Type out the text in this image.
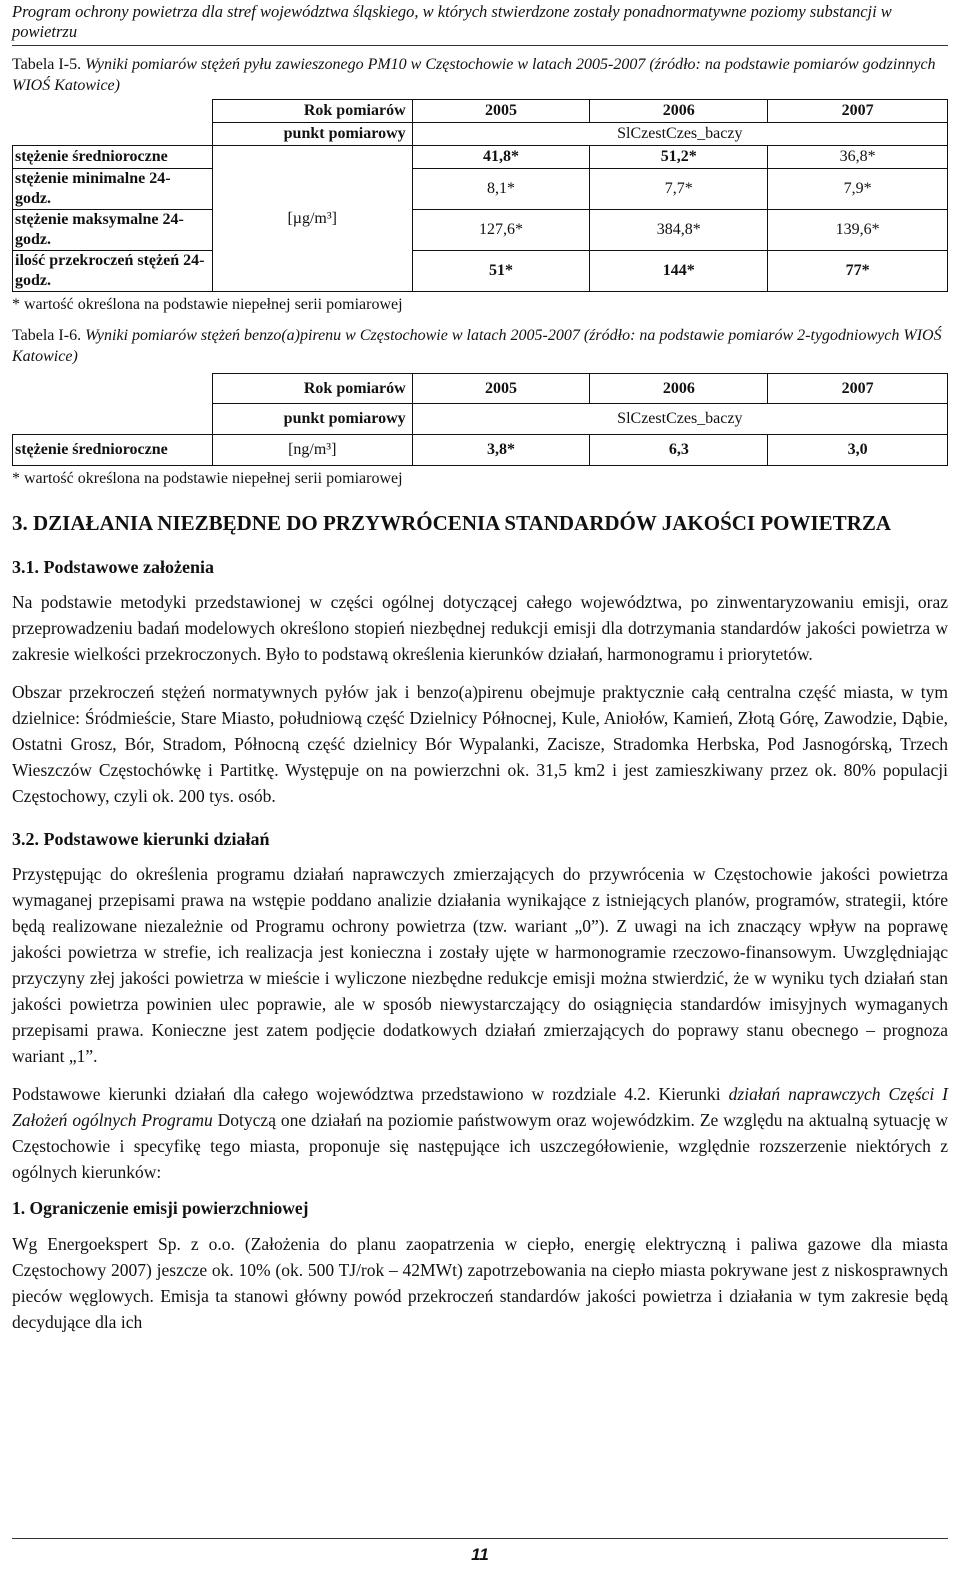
Program ochrony powietrza dla stref województwa śląskiego, w których stwierdzone zostały ponadnormatywne poziomy substancji w powietrzu
Tabela I-5. Wyniki pomiarów stężeń pyłu zawieszonego PM10 w Częstochowie w latach 2005-2007 (źródło: na podstawie pomiarów godzinnych WIOŚ Katowice)
	Rok pomiarów	2005	2006	2007
	punkt pomiarowy	SlCzestCzes_baczy		
stężenie średnioroczne	[µg/m³]	41,8*	51,2*	36,8*
stężenie minimalne 24-godz.		8,1*	7,7*	7,9*
stężenie maksymalne 24-godz.		127,6*	384,8*	139,6*
ilość przekroczeń stężeń 24-godz.		51*	144*	77*
* wartość określona na podstawie niepełnej serii pomiarowej
Tabela I-6. Wyniki pomiarów stężeń benzo(a)pirenu w Częstochowie w latach 2005-2007 (źródło: na podstawie pomiarów 2-tygodniowych WIOŚ Katowice)
	Rok pomiarów	2005	2006	2007
	punkt pomiarowy	SlCzestCzes_baczy		
stężenie średnioroczne	[ng/m³]	3,8*	6,3	3,0
* wartość określona na podstawie niepełnej serii pomiarowej
3. DZIAŁANIA NIEZBĘDNE DO PRZYWRÓCENIA STANDARDÓW JAKOŚCI POWIETRZA
3.1. Podstawowe założenia

Na podstawie metodyki przedstawionej w części ogólnej dotyczącej całego województwa, po zinwentaryzowaniu emisji, oraz przeprowadzeniu badań modelowych określono stopień niezbędnej redukcji emisji dla dotrzymania standardów jakości powietrza w zakresie wielkości przekroczonych. Było to podstawą określenia kierunków działań, harmonogramu i priorytetów.

Obszar przekroczeń stężeń normatywnych pyłów jak i benzo(a)pirenu obejmuje praktycznie całą centralna część miasta, w tym dzielnice: Śródmieście, Stare Miasto, południową część Dzielnicy Północnej, Kule, Aniołów, Kamień, Złotą Górę, Zawodzie, Dąbie, Ostatni Grosz, Bór, Stradom, Północną część dzielnicy Bór Wypalanki, Zacisze, Stradomka Herbska, Pod Jasnogórską, Trzech Wieszczów Częstochówkę i Partitkę. Występuje on na powierzchni ok. 31,5 km2 i jest zamieszkiwany przez ok. 80% populacji Częstochowy, czyli ok. 200 tys. osób.

3.2. Podstawowe kierunki działań

Przystępując do określenia programu działań naprawczych zmierzających do przywrócenia w Częstochowie jakości powietrza wymaganej przepisami prawa na wstępie poddano analizie działania wynikające z istniejących planów, programów, strategii, które będą realizowane niezależnie od Programu ochrony powietrza (tzw. wariant „0”). Z uwagi na ich znaczący wpływ na poprawę jakości powietrza w strefie, ich realizacja jest konieczna i zostały ujęte w harmonogramie rzeczowo-finansowym. Uwzględniając przyczyny złej jakości powietrza w mieście i wyliczone niezbędne redukcje emisji można stwierdzić, że w wyniku tych działań stan jakości powietrza powinien ulec poprawie, ale w sposób niewystarczający do osiągnięcia standardów imisyjnych wymaganych przepisami prawa. Konieczne jest zatem podjęcie dodatkowych działań zmierzających do poprawy stanu obecnego – prognoza wariant „1”.

Podstawowe kierunki działań dla całego województwa przedstawiono w rozdziale 4.2. Kierunki działań naprawczych Części I Założeń ogólnych Programu Dotyczą one działań na poziomie państwowym oraz wojewódzkim. Ze względu na aktualną sytuację w Częstochowie i specyfikę tego miasta, proponuje się następujące ich uszczegółowienie, względnie rozszerzenie niektórych z ogólnych kierunków:

1. Ograniczenie emisji powierzchniowej

Wg Energoekspert Sp. z o.o. (Założenia do planu zaopatrzenia w ciepło, energię elektryczną i paliwa gazowe dla miasta Częstochowy 2007) jeszcze ok. 10% (ok. 500 TJ/rok – 42MWt) zapotrzebowania na ciepło miasta pokrywane jest z niskosprawnych pieców węglowych. Emisja ta stanowi główny powód przekroczeń standardów jakości powietrza i działania w tym zakresie będą decydujące dla ich

11
